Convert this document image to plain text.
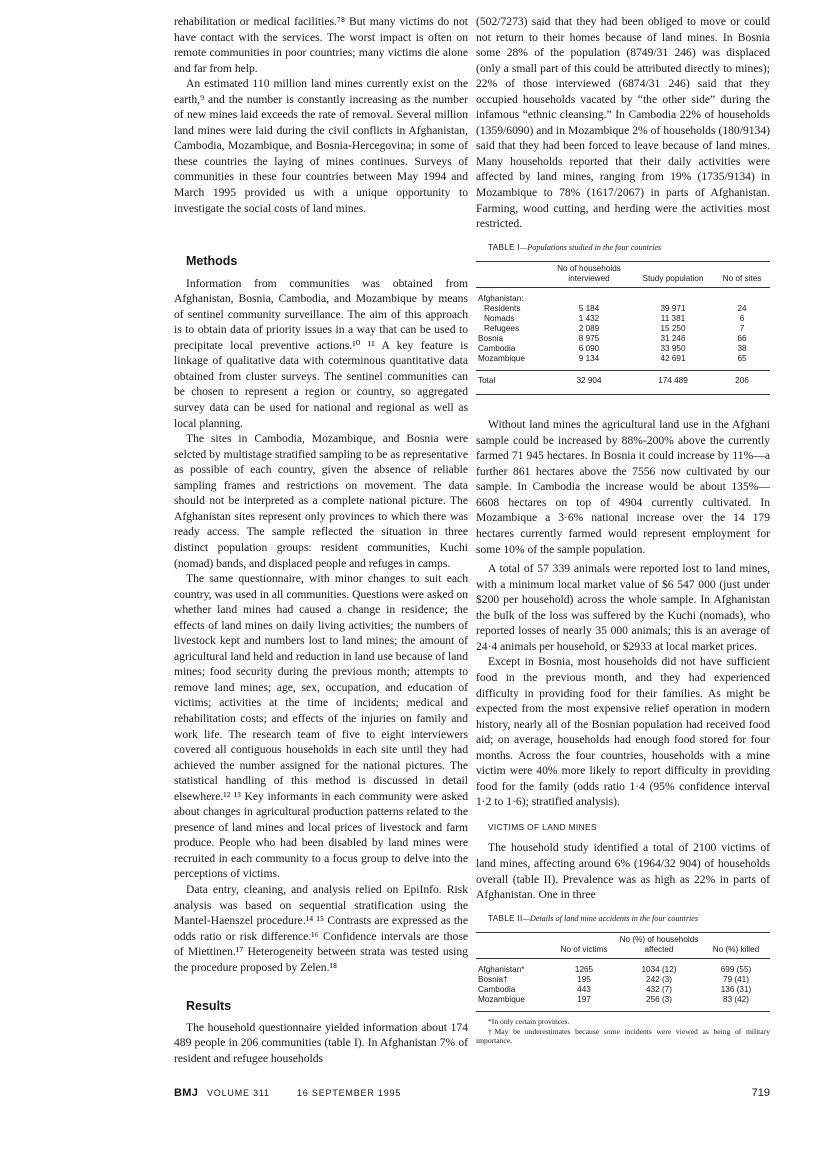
rehabilitation or medical facilities.⁷⁸ But many victims do not have contact with the services. The worst impact is often on remote communities in poor countries; many victims die alone and far from help.

An estimated 110 million land mines currently exist on the earth,⁹ and the number is constantly increasing as the number of new mines laid exceeds the rate of removal. Several million land mines were laid during the civil conflicts in Afghanistan, Cambodia, Mozambique, and Bosnia-Hercegovina; in some of these countries the laying of mines continues. Surveys of communities in these four countries between May 1994 and March 1995 provided us with a unique opportunity to investigate the social costs of land mines.

Methods

Information from communities was obtained from Afghanistan, Bosnia, Cambodia, and Mozambique by means of sentinel community surveillance. The aim of this approach is to obtain data of priority issues in a way that can be used to precipitate local preventive actions.¹⁰ ¹¹ A key feature is linkage of qualitative data with coterminous quantitative data obtained from cluster surveys. The sentinel communities can be chosen to represent a region or country, so aggregated survey data can be used for national and regional as well as local planning.

The sites in Cambodia, Mozambique, and Bosnia were selcted by multistage stratified sampling to be as representative as possible of each country, given the absence of reliable sampling frames and restrictions on movement. The data should not be interpreted as a complete national picture. The Afghanistan sites represent only provinces to which there was ready access. The sample reflected the situation in three distinct population groups: resident communities, Kuchi (nomad) bands, and displaced people and refuges in camps.

The same questionnaire, with minor changes to suit each country, was used in all communities. Questions were asked on whether land mines had caused a change in residence; the effects of land mines on daily living activities; the numbers of livestock kept and numbers lost to land mines; the amount of agricultural land held and reduction in land use because of land mines; food security during the previous month; attempts to remove land mines; age, sex, occupation, and education of victims; activities at the time of incidents; medical and rehabilitation costs; and effects of the injuries on family and work life. The research team of five to eight interviewers covered all contiguous households in each site until they had achieved the number assigned for the national pictures. The statistical handling of this method is discussed in detail elsewhere.¹² ¹³ Key informants in each community were asked about changes in agricultural production patterns related to the presence of land mines and local prices of livestock and farm produce. People who had been disabled by land mines were recruited in each community to a focus group to delve into the perceptions of victims.

Data entry, cleaning, and analysis relied on EpiInfo. Risk analysis was based on sequential stratification using the Mantel-Haenszel procedure.¹⁴ ¹⁵ Contrasts are expressed as the odds ratio or risk difference.¹⁶ Confidence intervals are those of Miettinen.¹⁷ Heterogeneity between strata was tested using the procedure proposed by Zelen.¹⁸

Results

The household questionnaire yielded information about 174 489 people in 206 communities (table I). In Afghanistan 7% of resident and refugee households

(502/7273) said that they had been obliged to move or could not return to their homes because of land mines. In Bosnia some 28% of the population (8749/31 246) was displaced (only a small part of this could be attributed directly to mines); 22% of those interviewed (6874/31 246) said that they occupied households vacated by “the other side” during the infamous “ethnic cleansing.” In Cambodia 22% of households (1359/6090) and in Mozambique 2% of households (180/9134) said that they had been forced to leave because of land mines. Many households reported that their daily activities were affected by land mines, ranging from 19% (1735/9134) in Mozambique to 78% (1617/2067) in parts of Afghanistan. Farming, wood cutting, and herding were the activities most restricted.

TABLE I—Populations studied in the four countries

	No of households interviewed	Study population	No of sites
Afghanistan:			
Residents	5 184	39 971	24
Nomads	1 432	11 381	6
Refugees	2 089	15 250	7
Bosnia	8 975	31 246	66
Cambodia	6 090	33 950	38
Mozambique	9 134	42 691	65
Total	32 904	174 489	206

Without land mines the agricultural land use in the Afghani sample could be increased by 88%-200% above the currently farmed 71 945 hectares. In Bosnia it could increase by 11%—a further 861 hectares above the 7556 now cultivated by our sample. In Cambodia the increase would be about 135%—6608 hectares on top of 4904 currently cultivated. In Mozambique a 3·6% national increase over the 14 179 hectares currently farmed would represent employment for some 10% of the sample population.

A total of 57 339 animals were reported lost to land mines, with a minimum local market value of $6 547 000 (just under $200 per household) across the whole sample. In Afghanistan the bulk of the loss was suffered by the Kuchi (nomads), who reported losses of nearly 35 000 animals; this is an average of 24·4 animals per household, or $2933 at local market prices.

Except in Bosnia, most households did not have sufficient food in the previous month, and they had experienced difficulty in providing food for their families. As might be expected from the most expensive relief operation in modern history, nearly all of the Bosnian population had received food aid; on average, households had enough food stored for four months. Across the four countries, households with a mine victim were 40% more likely to report difficulty in providing food for the family (odds ratio 1·4 (95% confidence interval 1·2 to 1·6); stratified analysis).

VICTIMS OF LAND MINES

The household study identified a total of 2100 victims of land mines, affecting around 6% (1964/32 904) of households overall (table II). Prevalence was as high as 22% in parts of Afghanistan. One in three

TABLE II—Details of land mine accidents in the four countries

	No of victims	No (%) of households affected	No (%) killed
Afghanistan*	1265	1034 (12)	699 (55)
Bosnia†	195	242 (3)	79 (41)
Cambodia	443	432 (7)	136 (31)
Mozambique	197	256 (3)	83 (42)

*In only certain provinces.

†May be underestimates because some incidents were viewed as being of military importance.

BMJ VOLUME 311	16 SEPTEMBER 1995	719
